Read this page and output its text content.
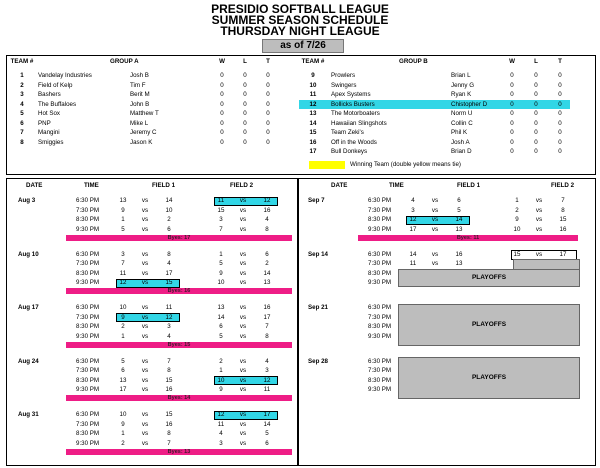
PRESIDIO SOFTBALL LEAGUE
SUMMER SEASON SCHEDULE
THURSDAY NIGHT LEAGUE
as of 7/26
TEAM #	GROUP A	W	L	T	TEAM #	GROUP B	W	L	T
1	Vandelay Industries	Josh B	0	0	0
2	Field of Kelp	Tim F	0	0	0
3	Bashers	Berit M	0	0	0
4	The Buffaloes	John B	0	0	0
5	Hot Sox	Matthew T	0	0	0
6	PNP	Mike L	0	0	0
7	Mangini	Jeremy C	0	0	0
8	Smiggies	Jason K	0	0	0
9	Prowlers	Brian L	0	0	0
10	Swingers	Jenny G	0	0	0
11	Apex Systems	Ryan K	0	0	0
12	Bollicks Busters	Chistopher D	0	0	0
13	The Motorboaters	Norm U	0	0	0
14	Hawaiian Slingshots	Collin C	0	0	0
15	Team Zeki's	Phil K	0	0	0
16	Off in the Woods	Josh A	0	0	0
17	Bull Donkeys	Brian D	0	0	0
Winning Team (double yellow means tie)
DATE	TIME	FIELD 1	FIELD 2	DATE	TIME	FIELD 1	FIELD 2
Aug 3	6:30 PM	13	vs	14	11	vs	12
7:30 PM	9	vs	10	15	vs	16
8:30 PM	1	vs	2	3	vs	4
9:30 PM	5	vs	6	7	vs	8
Byes: 17
Aug 10	6:30 PM	3	vs	8	1	vs	6
7:30 PM	7	vs	4	5	vs	2
8:30 PM	11	vs	17	9	vs	14
9:30 PM	12	vs	15	10	vs	13
Byes: 16
Aug 17	6:30 PM	10	vs	11	13	vs	16
7:30 PM	9	vs	12	14	vs	17
8:30 PM	2	vs	3	6	vs	7
9:30 PM	1	vs	4	5	vs	8
Byes: 15
Aug 24	6:30 PM	5	vs	7	2	vs	4
7:30 PM	6	vs	8	1	vs	3
8:30 PM	13	vs	15	10	vs	12
9:30 PM	17	vs	16	9	vs	11
Byes: 14
Aug 31	6:30 PM	10	vs	15	12	vs	17
7:30 PM	9	vs	16	11	vs	14
8:30 PM	1	vs	8	4	vs	5
9:30 PM	2	vs	7	3	vs	6
Byes: 13
Sep 7	6:30 PM	4	vs	6	1	vs	7
7:30 PM	3	vs	5	2	vs	8
8:30 PM	12	vs	14	9	vs	15
9:30 PM	17	vs	13	10	vs	16
Byes: 11
Sep 14	6:30 PM	14	vs	16	15	vs	17
7:30 PM	11	vs	13
8:30 PM
9:30 PM
Sep 21	6:30 PM
7:30 PM
8:30 PM
9:30 PM
Sep 28	6:30 PM
7:30 PM
8:30 PM
9:30 PM
PLAYOFFS
PLAYOFFS
PLAYOFFS
